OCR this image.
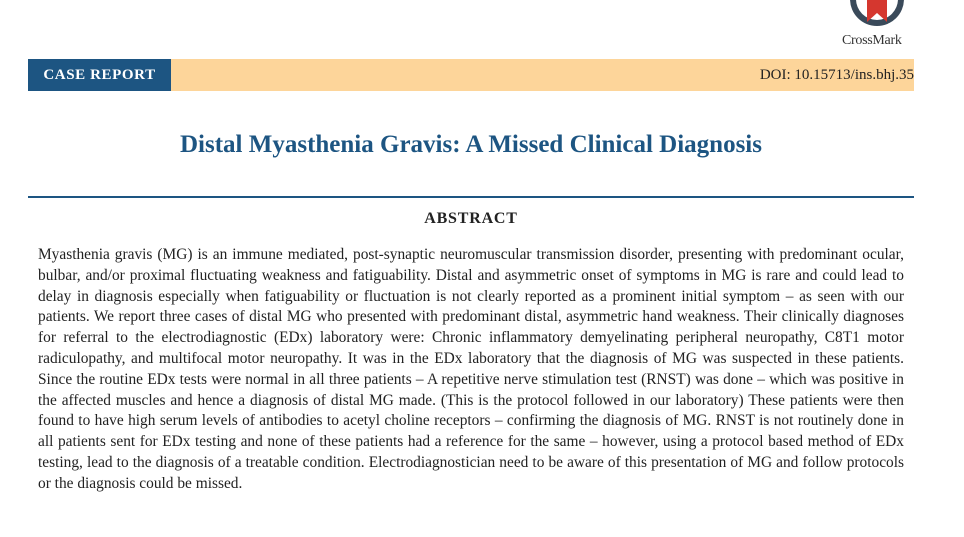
CrossMark
CASE REPORT	DOI: 10.15713/ins.bhj.35
Distal Myasthenia Gravis: A Missed Clinical Diagnosis
ABSTRACT

Myasthenia gravis (MG) is an immune mediated, post-synaptic neuromuscular transmission disorder, presenting with predominant ocular, bulbar, and/or proximal fluctuating weakness and fatiguability. Distal and asymmetric onset of symptoms in MG is rare and could lead to delay in diagnosis especially when fatiguability or fluctuation is not clearly reported as a prominent initial symptom – as seen with our patients. We report three cases of distal MG who presented with predominant distal, asymmetric hand weakness. Their clinically diagnoses for referral to the electrodiagnostic (EDx) laboratory were: Chronic inflammatory demyelinating peripheral neuropathy, C8T1 motor radiculopathy, and multifocal motor neuropathy. It was in the EDx laboratory that the diagnosis of MG was suspected in these patients. Since the routine EDx tests were normal in all three patients – A repetitive nerve stimulation test (RNST) was done – which was positive in the affected muscles and hence a diagnosis of distal MG made. (This is the protocol followed in our laboratory) These patients were then found to have high serum levels of antibodies to acetyl choline receptors – confirming the diagnosis of MG. RNST is not routinely done in all patients sent for EDx testing and none of these patients had a reference for the same – however, using a protocol based method of EDx testing, lead to the diagnosis of a treatable condition. Electrodiagnostician need to be aware of this presentation of MG and follow protocols or the diagnosis could be missed.
